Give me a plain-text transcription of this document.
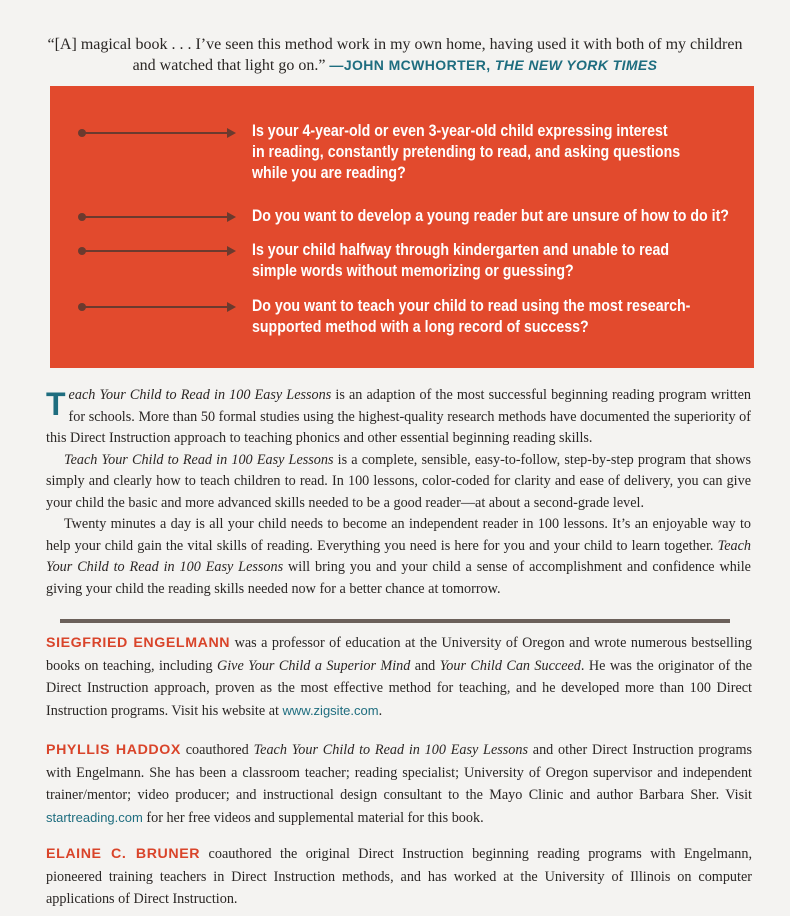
“[A] magical book . . . I’ve seen this method work in my own home, having used it with both of my children and watched that light go on.” —JOHN MCWHORTER, THE NEW YORK TIMES
Is your 4-year-old or even 3-year-old child expressing interest
in reading, constantly pretending to read, and asking questions
while you are reading?
Do you want to develop a young reader but are unsure of how to do it?
Is your child halfway through kindergarten and unable to read
simple words without memorizing or guessing?
Do you want to teach your child to read using the most research-
supported method with a long record of success?

Teach Your Child to Read in 100 Easy Lessons is an adaption of the most successful beginning reading program written for schools. More than 50 formal studies using the highest-quality research methods have documented the superiority of this Direct Instruction approach to teaching phonics and other essential beginning reading skills.

Teach Your Child to Read in 100 Easy Lessons is a complete, sensible, easy-to-follow, step-by-step program that shows simply and clearly how to teach children to read. In 100 lessons, color-coded for clarity and ease of delivery, you can give your child the basic and more advanced skills needed to be a good reader—at about a second-grade level.

Twenty minutes a day is all your child needs to become an independent reader in 100 lessons. It’s an enjoyable way to help your child gain the vital skills of reading. Everything you need is here for you and your child to learn together. Teach Your Child to Read in 100 Easy Lessons will bring you and your child a sense of accomplishment and confidence while giving your child the reading skills needed now for a better chance at tomorrow.

SIEGFRIED ENGELMANN was a professor of education at the University of Oregon and wrote numerous bestselling books on teaching, including Give Your Child a Superior Mind and Your Child Can Succeed. He was the originator of the Direct Instruction approach, proven as the most effective method for teaching, and he developed more than 100 Direct Instruction programs. Visit his website at www.zigsite.com.
PHYLLIS HADDOX coauthored Teach Your Child to Read in 100 Easy Lessons and other Direct Instruction programs with Engelmann. She has been a classroom teacher; reading specialist; University of Oregon supervisor and independent trainer/mentor; video producer; and instructional design consultant to the Mayo Clinic and author Barbara Sher. Visit startreading.com for her free videos and supplemental material for this book.
ELAINE C. BRUNER coauthored the original Direct Instruction beginning reading programs with Engelmann, pioneered training teachers in Direct Instruction methods, and has worked at the University of Illinois on computer applications of Direct Instruction.
